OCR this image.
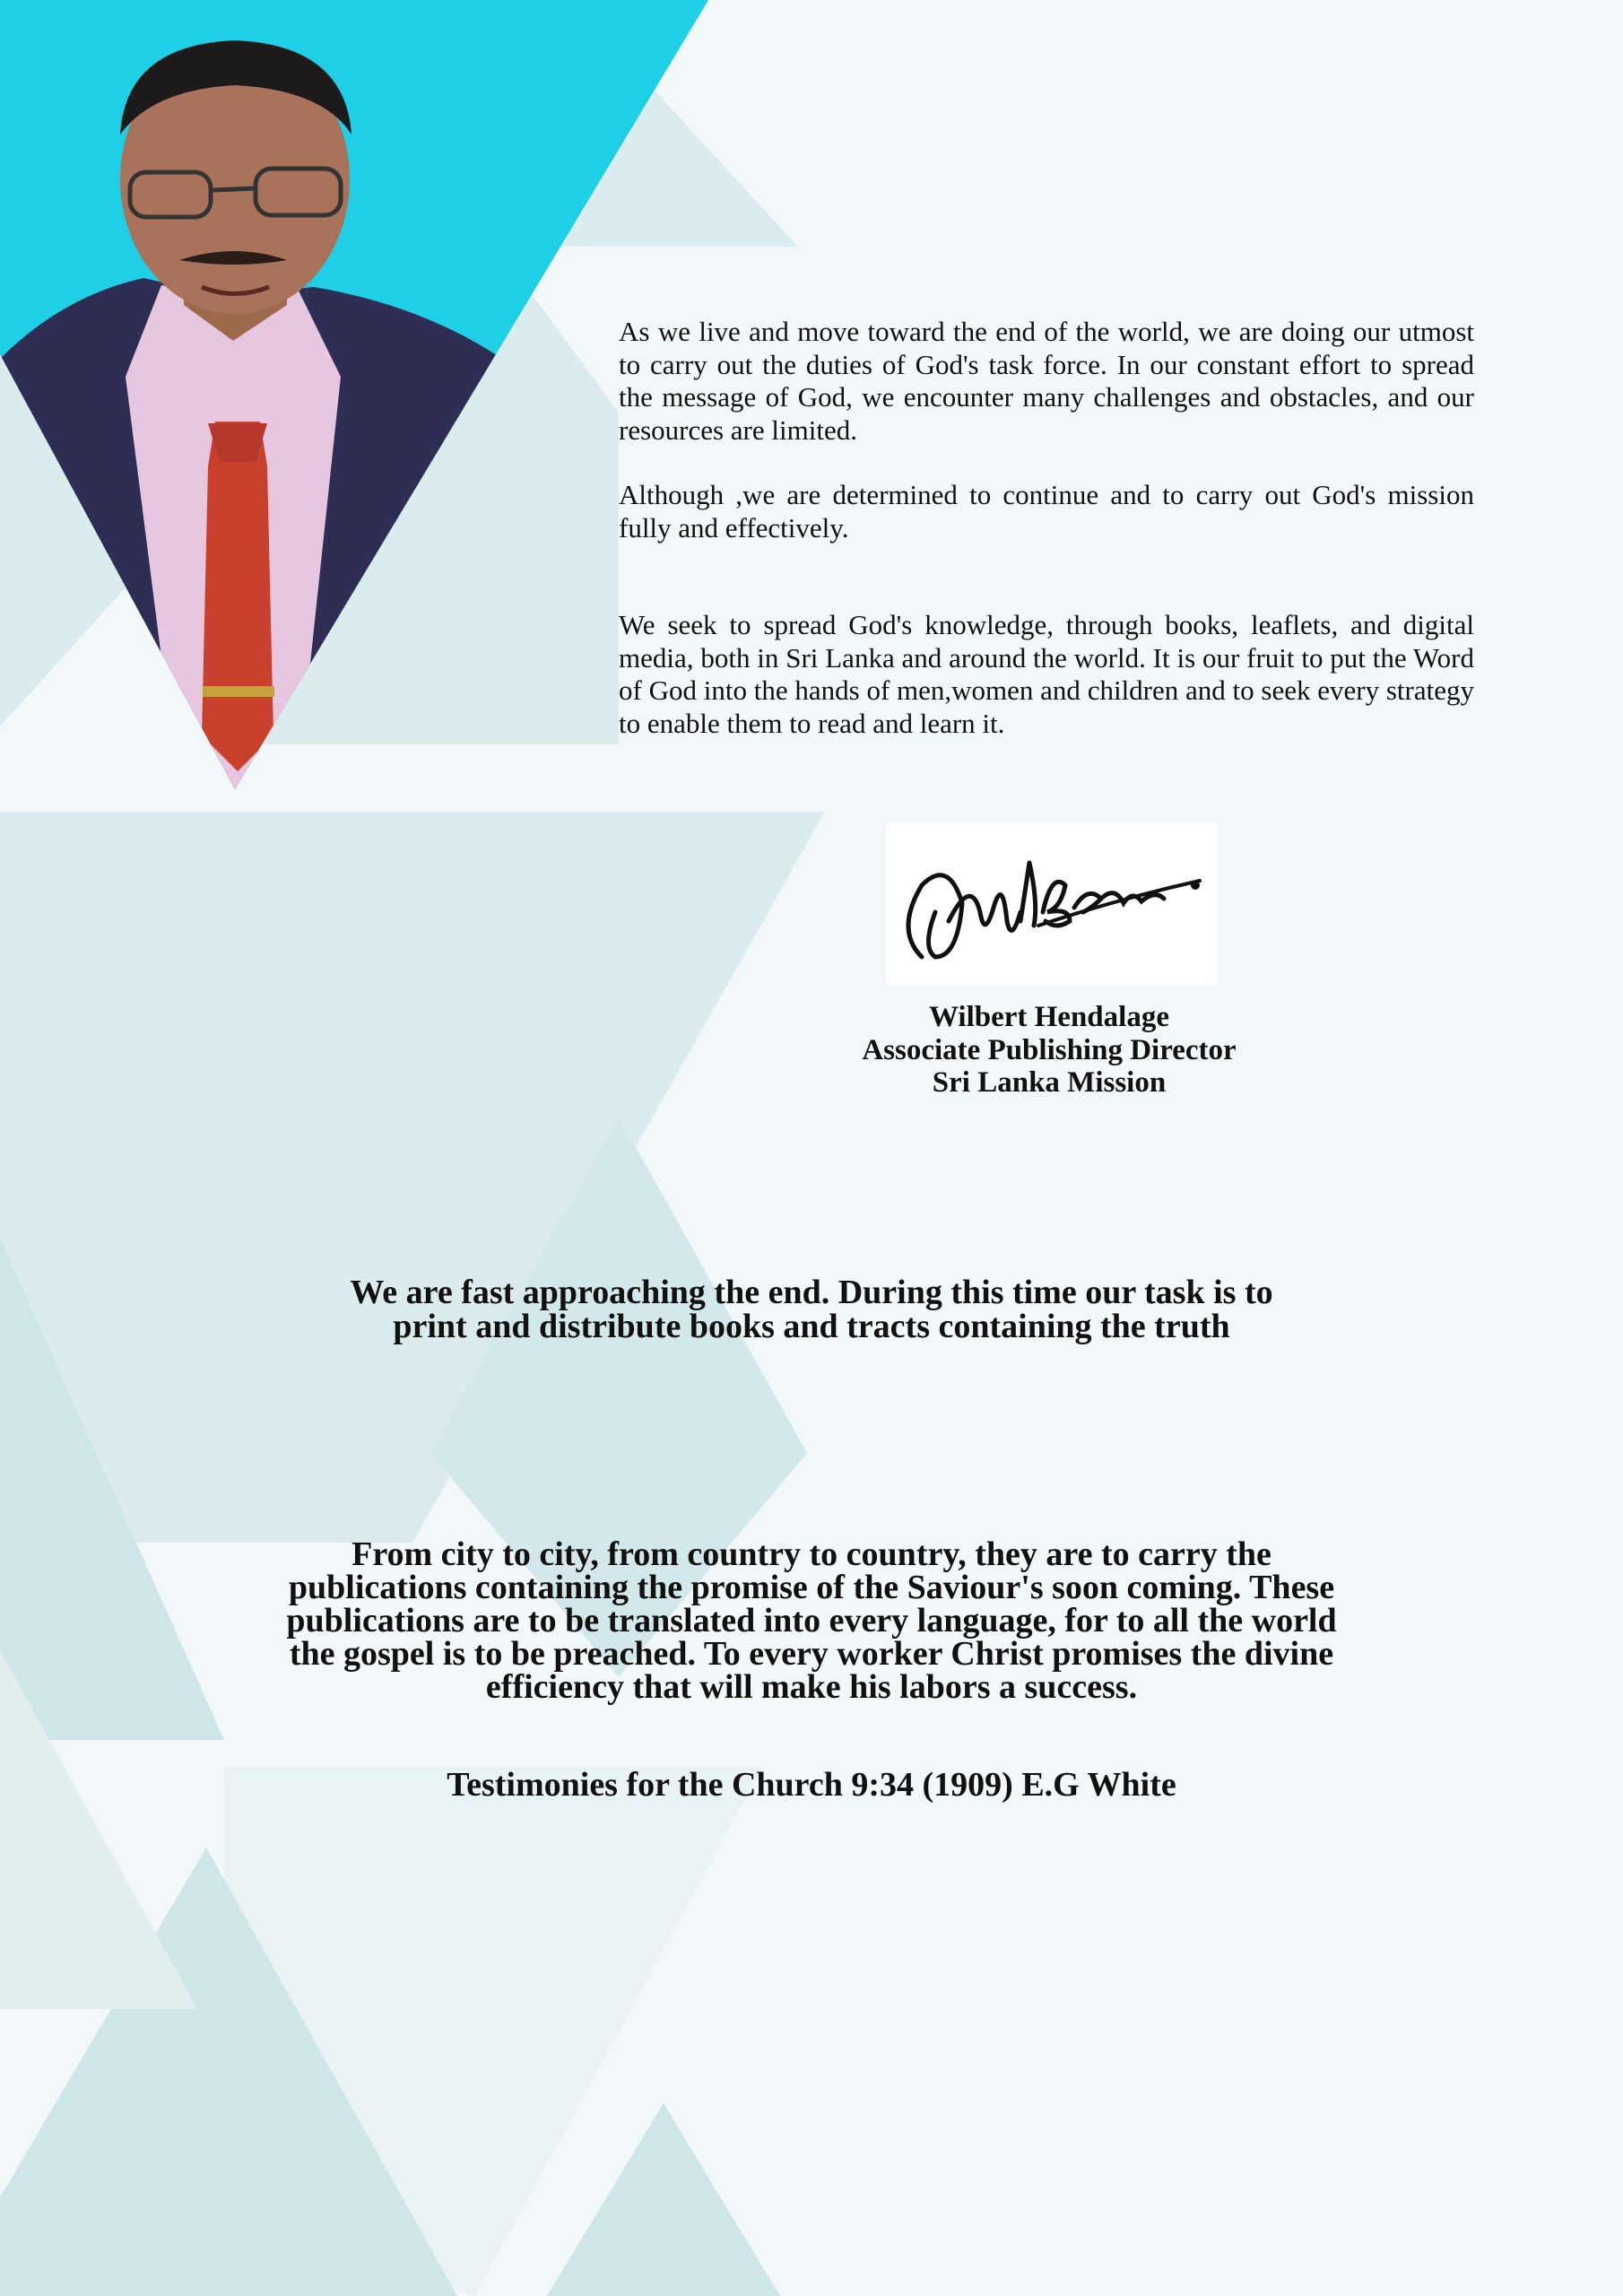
As we live and move toward the end of the world, we are doing our utmost to carry out the duties of God's task force. In our constant effort to spread the message of God, we encounter many challenges and obstacles, and our resources are limited.

Although ,we are determined to continue and to carry out God's mission fully and effectively.

We seek to spread God's knowledge, through books, leaflets, and digital media, both in Sri Lanka and around the world. It is our fruit to put the Word of God into the hands of men,women and children and to seek every strategy to enable them to read and learn it.

Wilbert Hendalage
Associate Publishing Director
Sri Lanka Mission
We are fast approaching the end. During this time our task is to
print and distribute books and tracts containing the truth
From city to city, from country to country, they are to carry the
publications containing the promise of the Saviour's soon coming. These
publications are to be translated into every language, for to all the world
the gospel is to be preached. To every worker Christ promises the divine
efficiency that will make his labors a success.
Testimonies for the Church 9:34 (1909) E.G White
